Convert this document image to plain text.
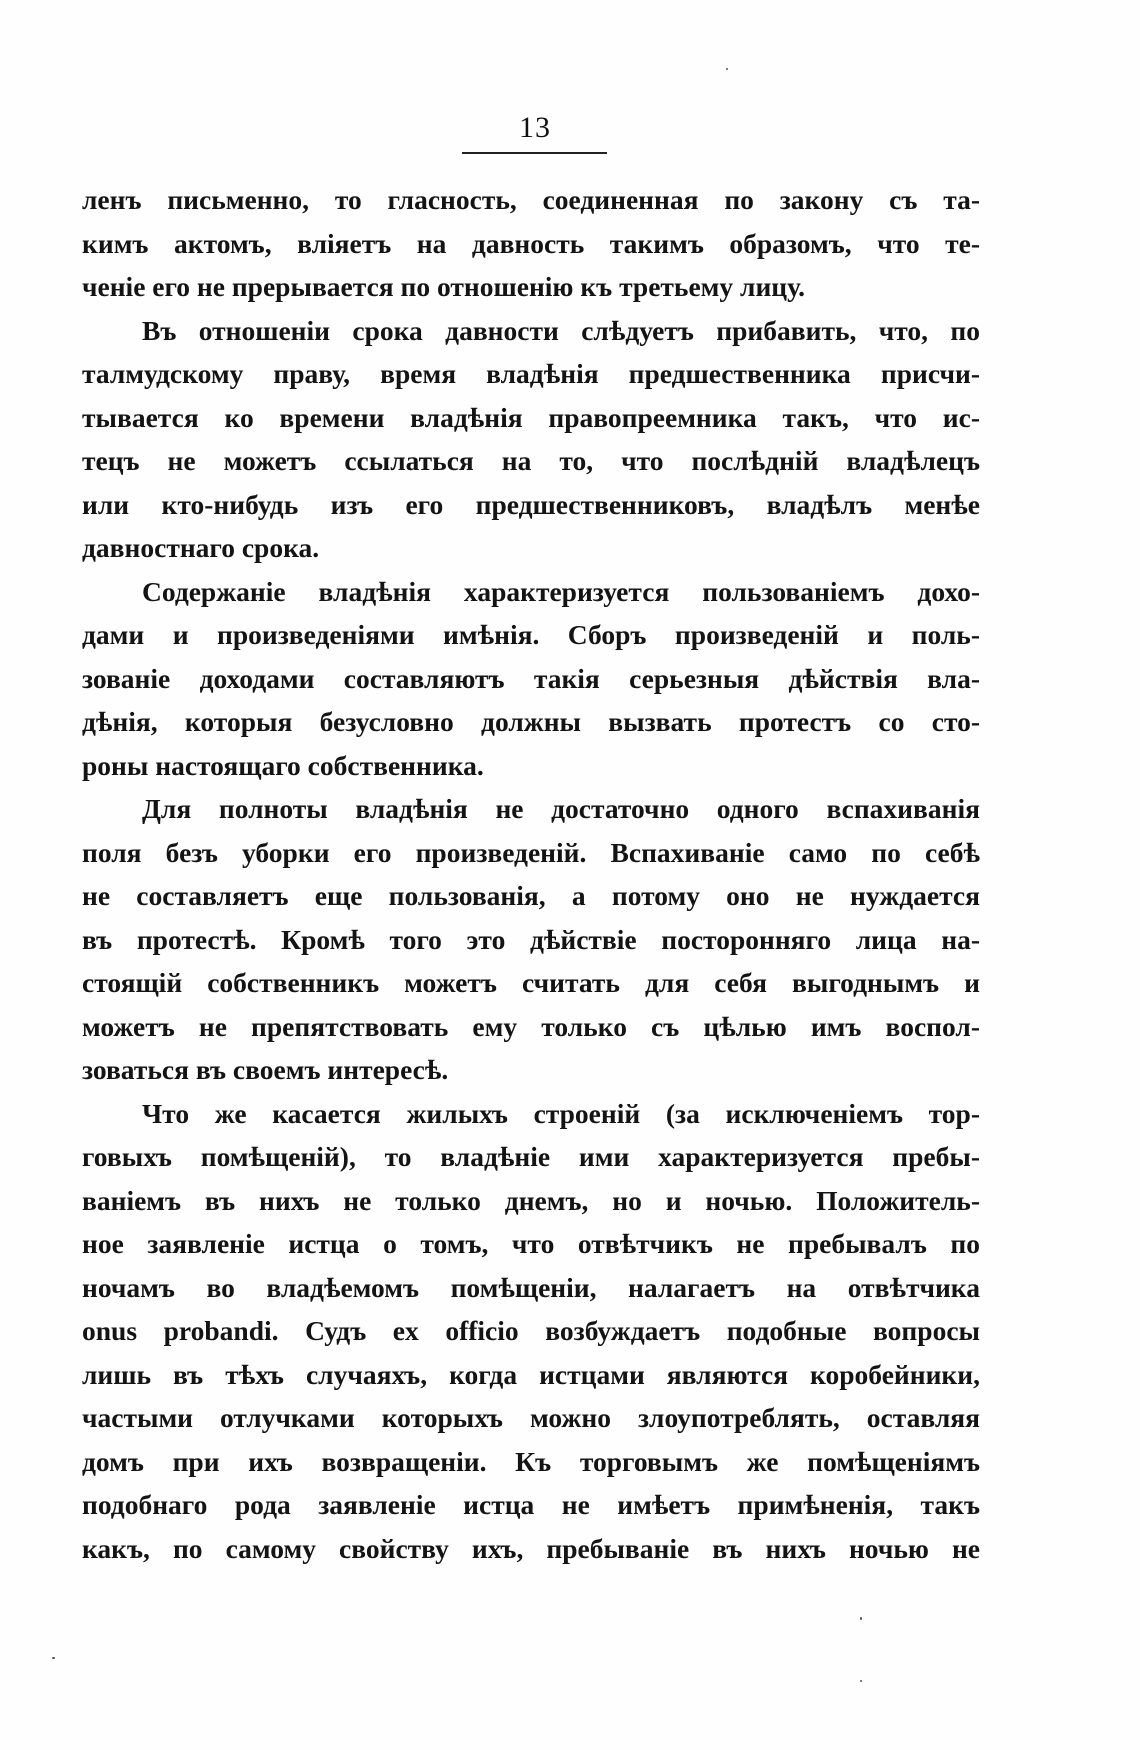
13
ленъ письменно, то гласность, соединенная по закону съ та-
кимъ актомъ, вліяетъ на давность такимъ образомъ, что те-
ченіе его не прерывается по отношенію къ третьему лицу.
Въ отношеніи срока давности слѣдуетъ прибавить, что, по
талмудскому праву, время владѣнія предшественника присчи-
тывается ко времени владѣнія правопреемника такъ, что ис-
тецъ не можетъ ссылаться на то, что послѣдній владѣлецъ
или кто-нибудь изъ его предшественниковъ, владѣлъ менѣе
давностнаго срока.
Содержаніе владѣнія характеризуется пользованіемъ дохо-
дами и произведеніями имѣнія. Сборъ произведеній и поль-
зованіе доходами составляютъ такія серьезныя дѣйствія вла-
дѣнія, которыя безусловно должны вызвать протестъ со сто-
роны настоящаго собственника.
Для полноты владѣнія не достаточно одного вспахиванія
поля безъ уборки его произведеній. Вспахиваніе само по себѣ
не составляетъ еще пользованія, а потому оно не нуждается
въ протестѣ. Кромѣ того это дѣйствіе посторонняго лица на-
стоящій собственникъ можетъ считать для себя выгоднымъ и
можетъ не препятствовать ему только съ цѣлью имъ воспол-
зоваться въ своемъ интересѣ.
Что же касается жилыхъ строеній (за исключеніемъ тор-
говыхъ помѣщеній), то владѣніе ими характеризуется пребы-
ваніемъ въ нихъ не только днемъ, но и ночью. Положитель-
ное заявленіе истца о томъ, что отвѣтчикъ не пребывалъ по
ночамъ во владѣемомъ помѣщеніи, налагаетъ на отвѣтчика
onus probandi. Судъ ex officio возбуждаетъ подобные вопросы
лишь въ тѣхъ случаяхъ, когда истцами являются коробейники,
частыми отлучками которыхъ можно злоупотреблять, оставляя
домъ при ихъ возвращеніи. Къ торговымъ же помѣщеніямъ
подобнаго рода заявленіе истца не имѣетъ примѣненія, такъ
какъ, по самому свойству ихъ, пребываніе въ нихъ ночью не
